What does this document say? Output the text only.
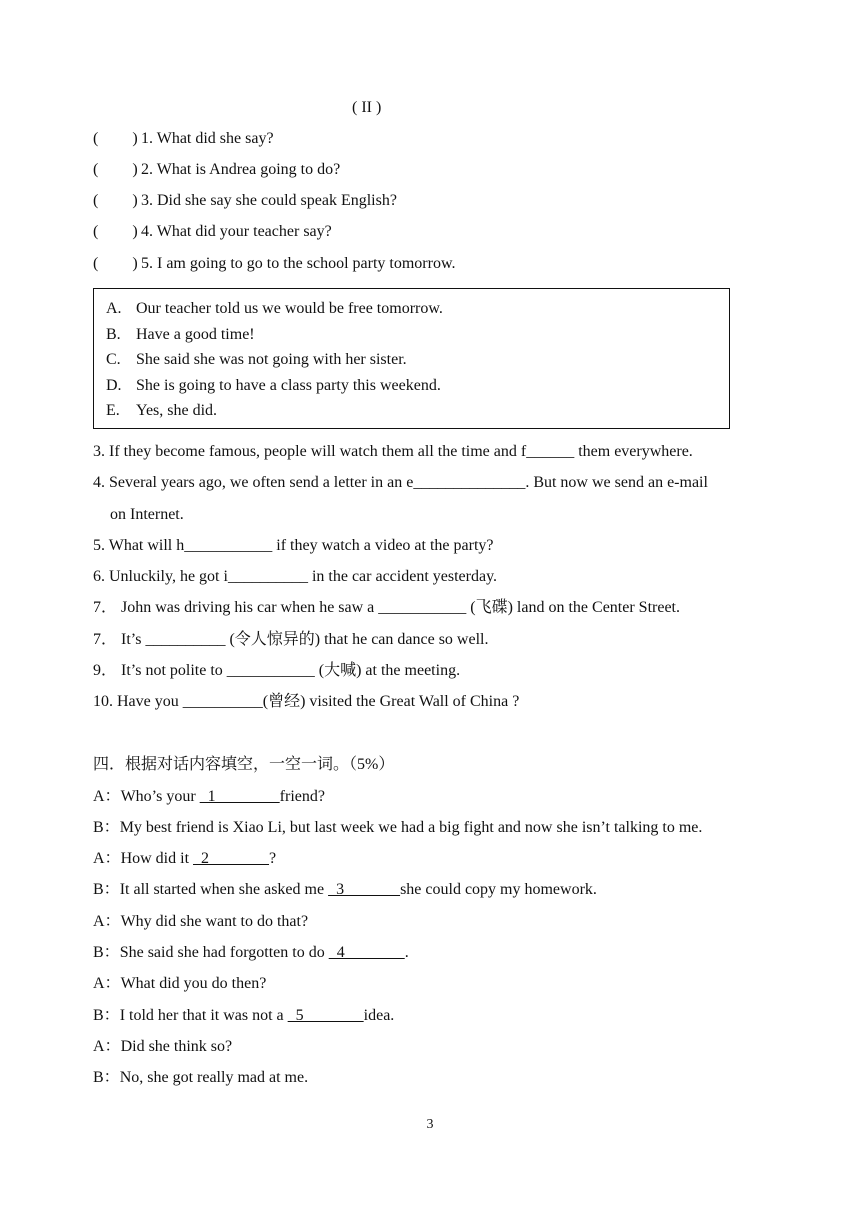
( II )
( ) 1. What did she say?
( ) 2. What is Andrea going to do?
( ) 3. Did she say she could speak English?
( ) 4. What did your teacher say?
( ) 5. I am going to go to the school party tomorrow.
A. Our teacher told us we would be free tomorrow.
B. Have a good time!
C. She said she was not going with her sister.
D. She is going to have a class party this weekend.
E. Yes, she did.
3. If they become famous, people will watch them all the time and f______ them everywhere.
4. Several years ago, we often send a letter in an e______________. But now we send an e-mail
on Internet.
5. What will h___________ if they watch a video at the party?
6. Unluckily, he got i__________ in the car accident yesterday.
7． John was driving his car when he saw a ___________ (飞碟) land on the Center Street.
7． It’s __________ (令人惊异的) that he can dance so well.
9． It’s not polite to ___________ (大喊) at the meeting.
10. Have you __________(曾经) visited the Great Wall of China ?
四．根据对话内容填空，一空一词。（5%）
A：Who’s your   1                friend?
B：My best friend is Xiao Li, but last week we had a big fight and now she isn’t talking to me.
A：How did it   2               ?
B：It all started when she asked me   3              she could copy my homework.
A：Why did she want to do that?
B：She said she had forgotten to do   4               .
A：What did you do then?
B：I told her that it was not a   5               idea.
A：Did she think so?
B：No, she got really mad at me.
3
